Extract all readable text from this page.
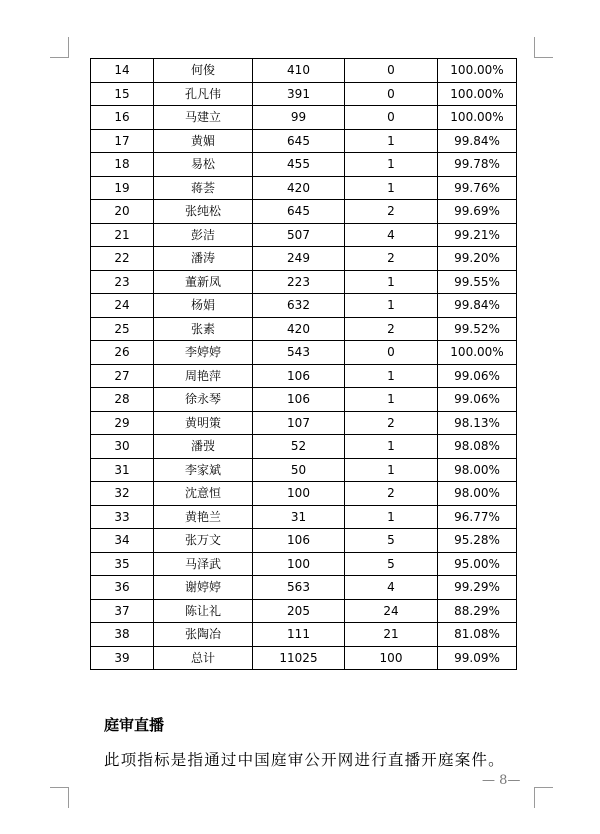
14	何俊	410	0	100.00%
15	孔凡伟	391	0	100.00%
16	马建立	99	0	100.00%
17	黄媚	645	1	99.84%
18	易松	455	1	99.78%
19	蒋荟	420	1	99.76%
20	张纯松	645	2	99.69%
21	彭洁	507	4	99.21%
22	潘涛	249	2	99.20%
23	董新凤	223	1	99.55%
24	杨娟	632	1	99.84%
25	张素	420	2	99.52%
26	李婷婷	543	0	100.00%
27	周艳萍	106	1	99.06%
28	徐永琴	106	1	99.06%
29	黄明策	107	2	98.13%
30	潘弢	52	1	98.08%
31	李家斌	50	1	98.00%
32	沈意恒	100	2	98.00%
33	黄艳兰	31	1	96.77%
34	张万文	106	5	95.28%
35	马泽武	100	5	95.00%
36	谢婷婷	563	4	99.29%
37	陈让礼	205	24	88.29%
38	张陶冶	111	21	81.08%
39	总计	11025	100	99.09%
庭审直播
此项指标是指通过中国庭审公开网进行直播开庭案件。
— 8—
